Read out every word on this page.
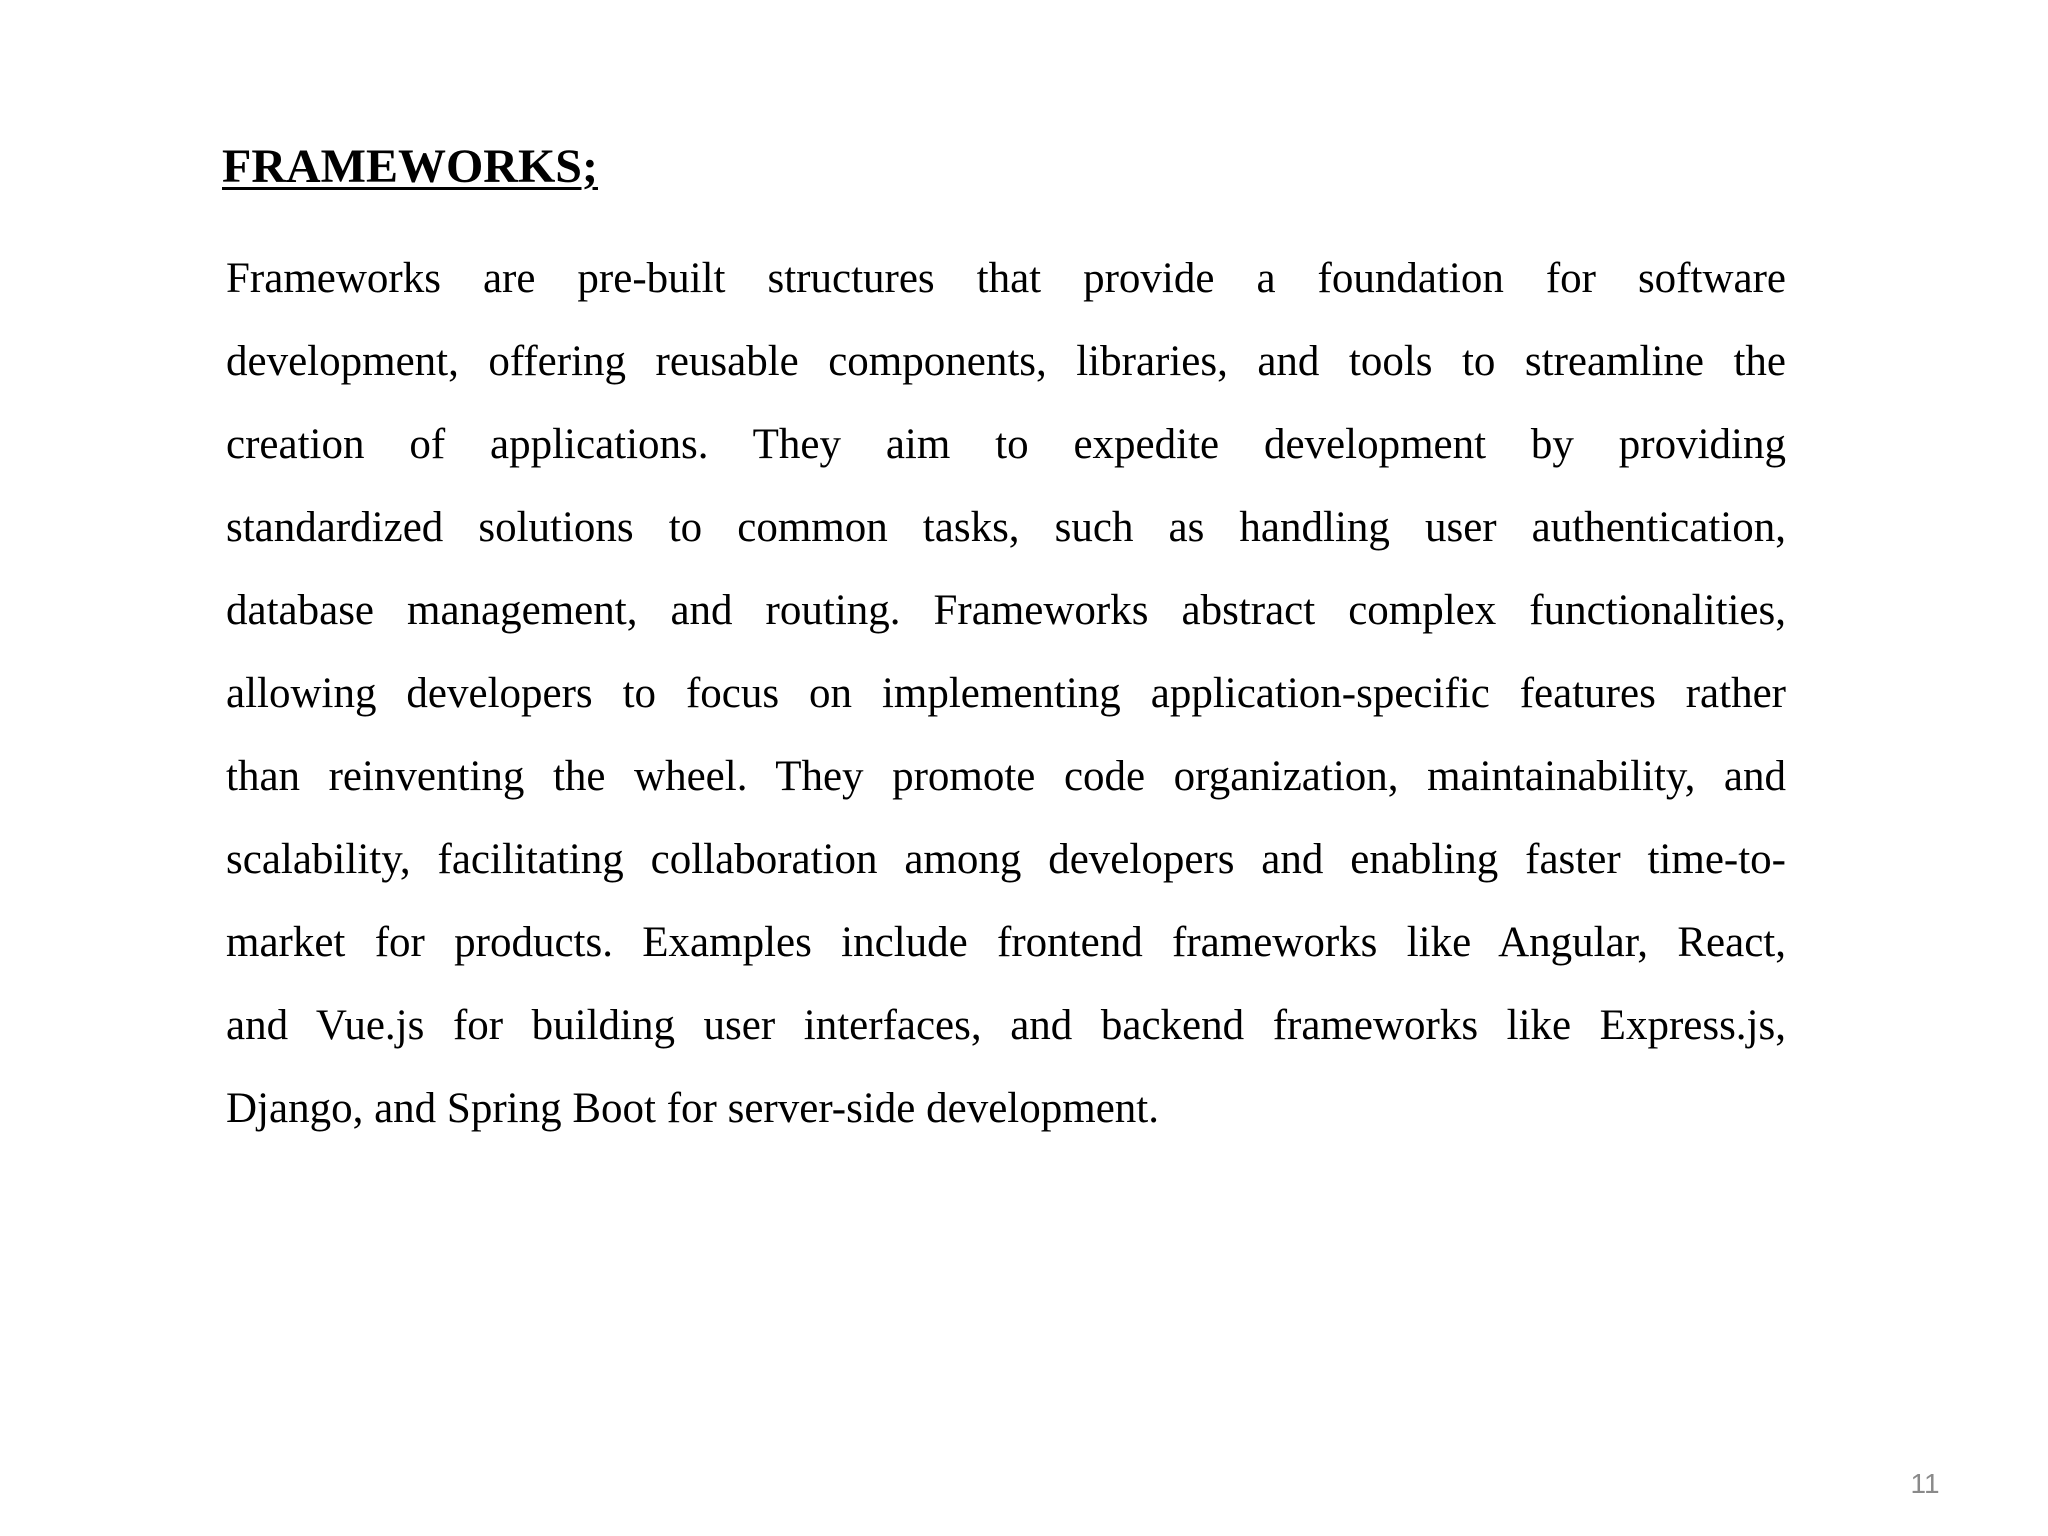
FRAMEWORKS;
Frameworks are pre-built structures that provide a foundation for software
development, offering reusable components, libraries, and tools to streamline the
creation of applications. They aim to expedite development by providing
standardized solutions to common tasks, such as handling user authentication,
database management, and routing. Frameworks abstract complex functionalities,
allowing developers to focus on implementing application-specific features rather
than reinventing the wheel. They promote code organization, maintainability, and
scalability, facilitating collaboration among developers and enabling faster time-to-
market for products. Examples include frontend frameworks like Angular, React,
and Vue.js for building user interfaces, and backend frameworks like Express.js,
Django, and Spring Boot for server-side development.
11
